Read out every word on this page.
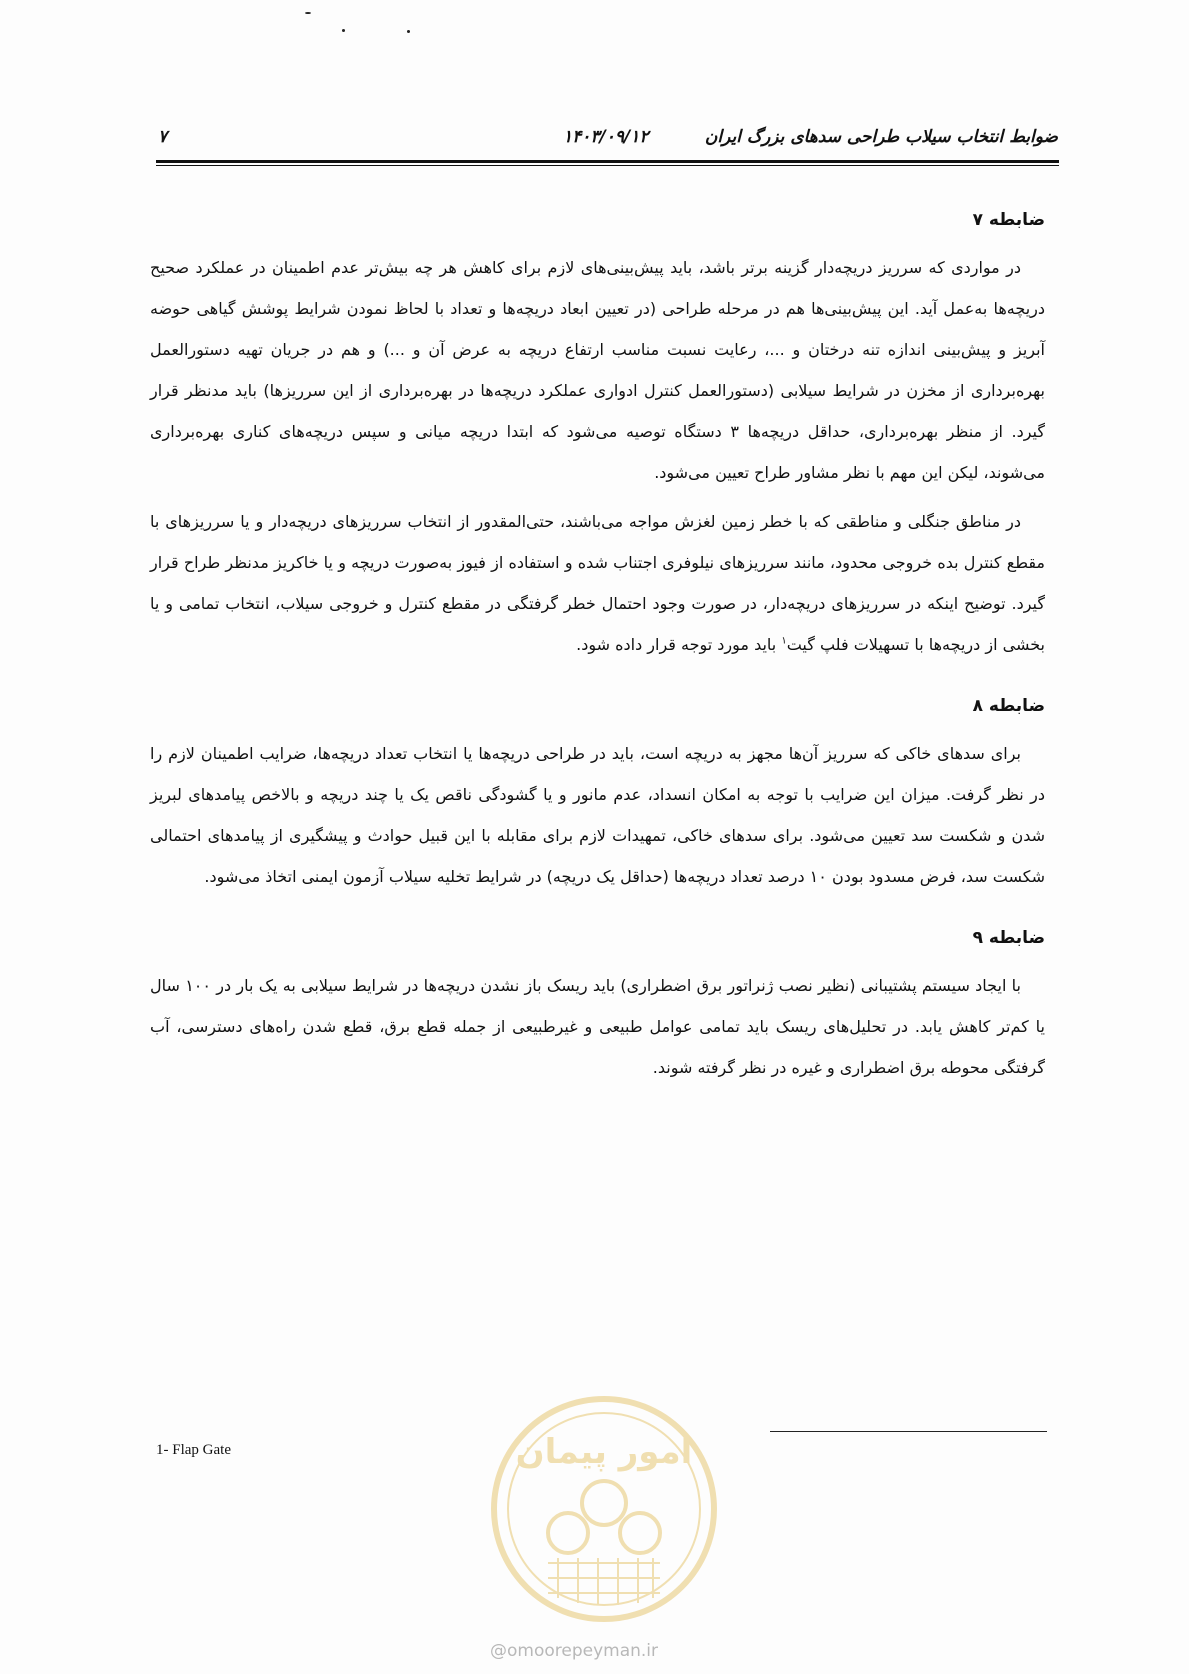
ضوابط انتخاب سیلاب طراحی سدهای بزرگ ایران
۱۴۰۳/۰۹/۱۲
۷
ضابطه ۷

در مواردی که سرریز دریچه‌دار گزینه برتر باشد، باید پیش‌بینی‌های لازم برای کاهش هر چه بیش‌تر عدم اطمینان در عملکرد صحیح دریچه‌ها به‌عمل آید. این پیش‌بینی‌ها هم در مرحله طراحی (در تعیین ابعاد دریچه‌ها و تعداد با لحاظ نمودن شرایط پوشش گیاهی حوضه آبریز و پیش‌بینی اندازه تنه درختان و ...، رعایت نسبت مناسب ارتفاع دریچه به عرض آن و ...) و هم در جریان تهیه دستورالعمل بهره‌برداری از مخزن در شرایط سیلابی (دستورالعمل کنترل ادواری عملکرد دریچه‌ها در بهره‌برداری از این سرریزها) باید مدنظر قرار گیرد. از منظر بهره‌برداری، حداقل دریچه‌ها ۳ دستگاه توصیه می‌شود که ابتدا دریچه میانی و سپس دریچه‌های کناری بهره‌برداری می‌شوند، لیکن این مهم با نظر مشاور طراح تعیین می‌شود.

در مناطق جنگلی و مناطقی که با خطر زمین لغزش مواجه می‌باشند، حتی‌المقدور از انتخاب سرریزهای دریچه‌دار و یا سرریزهای با مقطع کنترل بده خروجی محدود، مانند سرریزهای نیلوفری اجتناب شده و استفاده از فیوز به‌صورت دریچه و یا خاکریز مدنظر طراح قرار گیرد. توضیح اینکه در سرریزهای دریچه‌دار، در صورت وجود احتمال خطر گرفتگی در مقطع کنترل و خروجی سیلاب، انتخاب تمامی و یا بخشی از دریچه‌ها با تسهیلات فلپ گیت$^۱$ باید مورد توجه قرار داده شود.

ضابطه ۸

برای سدهای خاکی که سرریز آن‌ها مجهز به دریچه است، باید در طراحی دریچه‌ها یا انتخاب تعداد دریچه‌ها، ضرایب اطمینان لازم را در نظر گرفت. میزان این ضرایب با توجه به امکان انسداد، عدم مانور و یا گشودگی ناقص یک یا چند دریچه و بالاخص پیامدهای لبریز شدن و شکست سد تعیین می‌شود. برای سدهای خاکی، تمهیدات لازم برای مقابله با این قبیل حوادث و پیشگیری از پیامدهای احتمالی شکست سد، فرض مسدود بودن ۱۰ درصد تعداد دریچه‌ها (حداقل یک دریچه) در شرایط تخلیه سیلاب آزمون ایمنی اتخاذ می‌شود.

ضابطه ۹

با ایجاد سیستم پشتیبانی (نظیر نصب ژنراتور برق اضطراری) باید ریسک باز نشدن دریچه‌ها در شرایط سیلابی به یک بار در ۱۰۰ سال یا کم‌تر کاهش یابد. در تحلیل‌های ریسک باید تمامی عوامل طبیعی و غیرطبیعی از جمله قطع برق، قطع شدن راه‌های دسترسی، آب گرفتگی محوطه برق اضطراری و غیره در نظر گرفته شوند.

1- Flap Gate	امور پیمان
@omoorepeyman.ir
